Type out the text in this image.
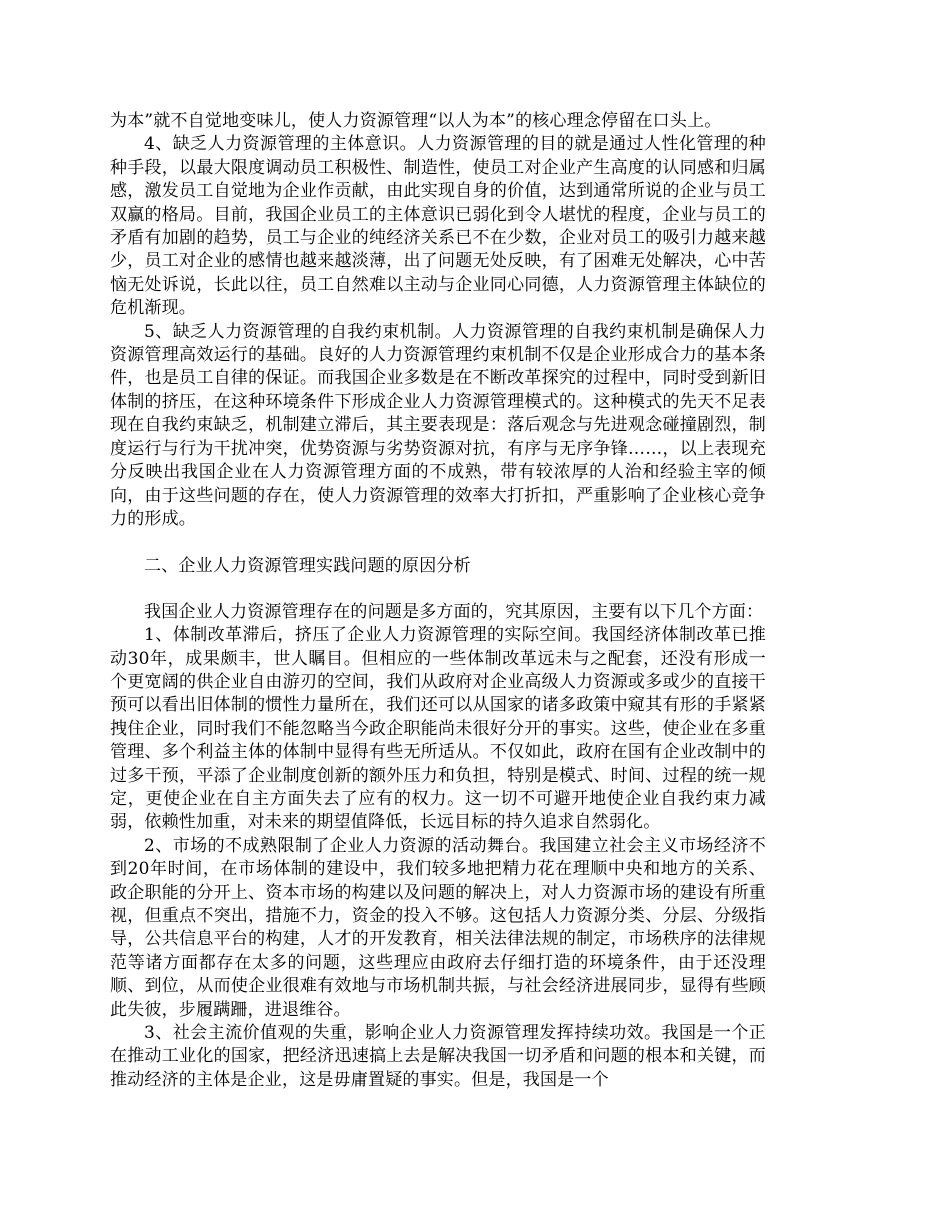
为本”就不自觉地变味儿，使人力资源管理“以人为本”的核心理念停留在口头上。

4、缺乏人力资源管理的主体意识。人力资源管理的目的就是通过人性化管理的种种手段，以最大限度调动员工积极性、制造性，使员工对企业产生高度的认同感和归属感，激发员工自觉地为企业作贡献，由此实现自身的价值，达到通常所说的企业与员工双赢的格局。目前，我国企业员工的主体意识已弱化到令人堪忧的程度，企业与员工的矛盾有加剧的趋势，员工与企业的纯经济关系已不在少数，企业对员工的吸引力越来越少，员工对企业的感情也越来越淡薄，出了问题无处反映，有了困难无处解决，心中苦恼无处诉说，长此以往，员工自然难以主动与企业同心同德，人力资源管理主体缺位的危机渐现。

5、缺乏人力资源管理的自我约束机制。人力资源管理的自我约束机制是确保人力资源管理高效运行的基础。良好的人力资源管理约束机制不仅是企业形成合力的基本条件，也是员工自律的保证。而我国企业多数是在不断改革探究的过程中，同时受到新旧体制的挤压，在这种环境条件下形成企业人力资源管理模式的。这种模式的先天不足表现在自我约束缺乏，机制建立滞后，其主要表现是：落后观念与先进观念碰撞剧烈，制度运行与行为干扰冲突，优势资源与劣势资源对抗，有序与无序争锋……，以上表现充分反映出我国企业在人力资源管理方面的不成熟，带有较浓厚的人治和经验主宰的倾向，由于这些问题的存在，使人力资源管理的效率大打折扣，严重影响了企业核心竞争力的形成。

二、企业人力资源管理实践问题的原因分析

我国企业人力资源管理存在的问题是多方面的，究其原因，主要有以下几个方面：

1、体制改革滞后，挤压了企业人力资源管理的实际空间。我国经济体制改革已推动30年，成果颇丰，世人瞩目。但相应的一些体制改革远未与之配套，还没有形成一个更宽阔的供企业自由游刃的空间，我们从政府对企业高级人力资源或多或少的直接干预可以看出旧体制的惯性力量所在，我们还可以从国家的诸多政策中窥其有形的手紧紧拽住企业，同时我们不能忽略当今政企职能尚未很好分开的事实。这些，使企业在多重管理、多个利益主体的体制中显得有些无所适从。不仅如此，政府在国有企业改制中的过多干预，平添了企业制度创新的额外压力和负担，特别是模式、时间、过程的统一规定，更使企业在自主方面失去了应有的权力。这一切不可避开地使企业自我约束力减弱，依赖性加重，对未来的期望值降低，长远目标的持久追求自然弱化。

2、市场的不成熟限制了企业人力资源的活动舞台。我国建立社会主义市场经济不到20年时间，在市场体制的建设中，我们较多地把精力花在理顺中央和地方的关系、政企职能的分开上、资本市场的构建以及问题的解决上，对人力资源市场的建设有所重视，但重点不突出，措施不力，资金的投入不够。这包括人力资源分类、分层、分级指导，公共信息平台的构建，人才的开发教育，相关法律法规的制定，市场秩序的法律规范等诸方面都存在太多的问题，这些理应由政府去仔细打造的环境条件，由于还没理顺、到位，从而使企业很难有效地与市场机制共振，与社会经济进展同步，显得有些顾此失彼，步履蹒跚，进退维谷。

3、社会主流价值观的失重，影响企业人力资源管理发挥持续功效。我国是一个正在推动工业化的国家，把经济迅速搞上去是解决我国一切矛盾和问题的根本和关键，而推动经济的主体是企业，这是毋庸置疑的事实。但是，我国是一个
